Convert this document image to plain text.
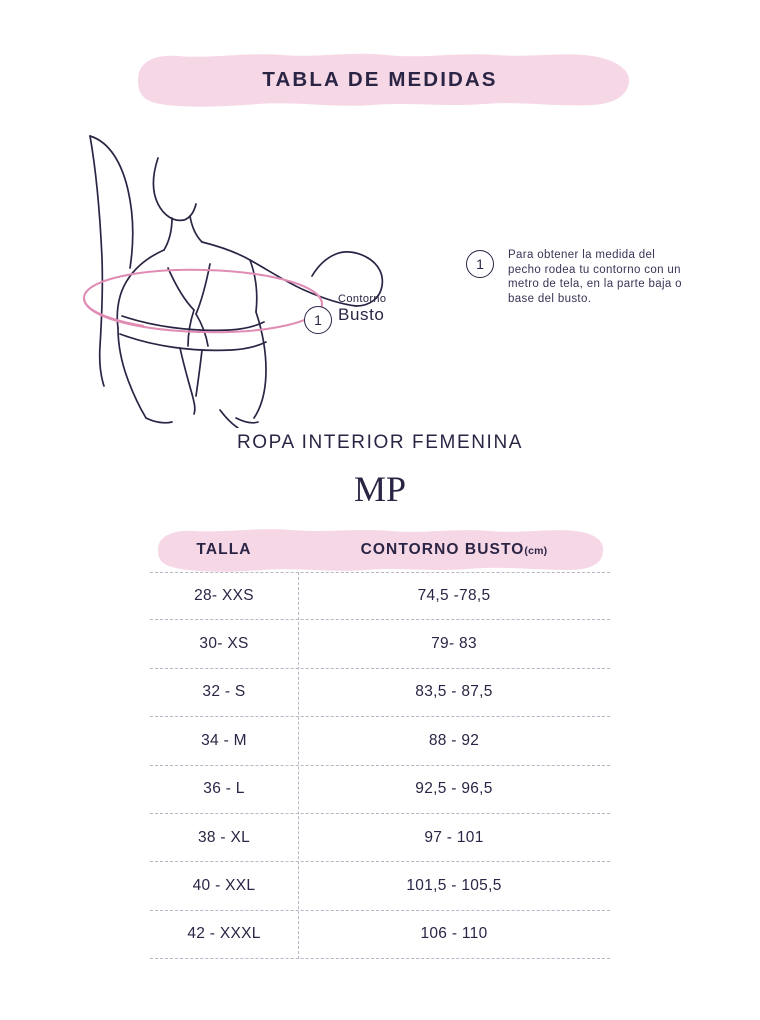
TABLA DE MEDIDAS
Contorno
Busto
1
1
Para obtener la medida del pecho rodea tu contorno con un metro de tela, en la parte baja o base del busto.
ROPA INTERIOR FEMENINA
MP
TALLA	CONTORNO BUSTO(cm)
28- XXS	74,5 -78,5
30- XS	79- 83
32 - S	83,5 - 87,5
34 - M	88 - 92
36 - L	92,5 - 96,5
38 - XL	97 - 101
40 - XXL	101,5 - 105,5
42 - XXXL	106 - 110
